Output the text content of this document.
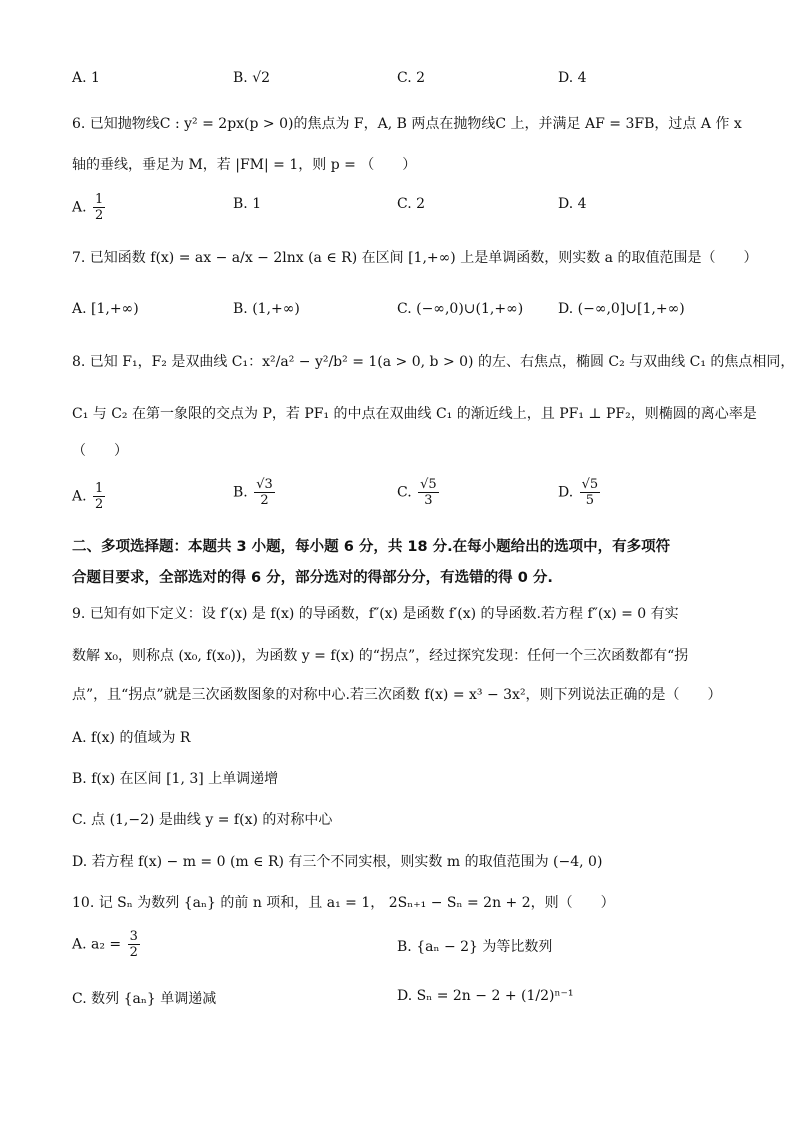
A. 1	B. √2	C. 2	D. 4
6. 已知抛物线C : y² = 2px(p > 0)的焦点为 F，A, B 两点在抛物线C 上，并满足 AF = 3FB，过点 A 作 x
轴的垂线，垂足为 M，若 |FM| = 1，则 p = （　　）
A. $\frac{1}{2}$	B. 1	C. 2	D. 4
7. 已知函数 f(x) = ax − a/x − 2lnx (a ∈ R) 在区间 [1,+∞) 上是单调函数，则实数 a 的取值范围是（　　）
A. [1,+∞)	B. (1,+∞)	C. (−∞,0)∪(1,+∞) D. (−∞,0]∪[1,+∞)
8. 已知 F₁，F₂ 是双曲线 C₁：x²/a² − y²/b² = 1(a > 0, b > 0) 的左、右焦点，椭圆 C₂ 与双曲线 C₁ 的焦点相同，
C₁ 与 C₂ 在第一象限的交点为 P，若 PF₁ 的中点在双曲线 C₁ 的渐近线上，且 PF₁ ⊥ PF₂，则椭圆的离心率是
（　　）
A. $\frac{1}{2}$	B. $\frac{√3}{2}$	C. $\frac{√5}{3}$	D. $\frac{√5}{5}$
二、多项选择题：本题共 3 小题，每小题 6 分，共 18 分.在每小题给出的选项中，有多项符
合题目要求，全部选对的得 6 分，部分选对的得部分分，有选错的得 0 分.
9. 已知有如下定义：设 f′(x) 是 f(x) 的导函数，f″(x) 是函数 f′(x) 的导函数.若方程 f″(x) = 0 有实
数解 x₀，则称点 (x₀, f(x₀))，为函数 y = f(x) 的“拐点”，经过探究发现：任何一个三次函数都有“拐
点”，且“拐点”就是三次函数图象的对称中心.若三次函数 f(x) = x³ − 3x²，则下列说法正确的是（　　）
A. f(x) 的值域为 R
B. f(x) 在区间 [1, 3] 上单调递增
C. 点 (1,−2) 是曲线 y = f(x) 的对称中心
D. 若方程 f(x) − m = 0 (m ∈ R) 有三个不同实根，则实数 m 的取值范围为 (−4, 0)
10. 记 Sₙ 为数列 {aₙ} 的前 n 项和，且 a₁ = 1， 2Sₙ₊₁ − Sₙ = 2n + 2，则（　　）
A. $a_2 = \frac{3}{2}$	B. {aₙ − 2} 为等比数列
C. 数列 {aₙ} 单调递减	D. Sₙ = 2n − 2 + (1/2)ⁿ⁻¹
